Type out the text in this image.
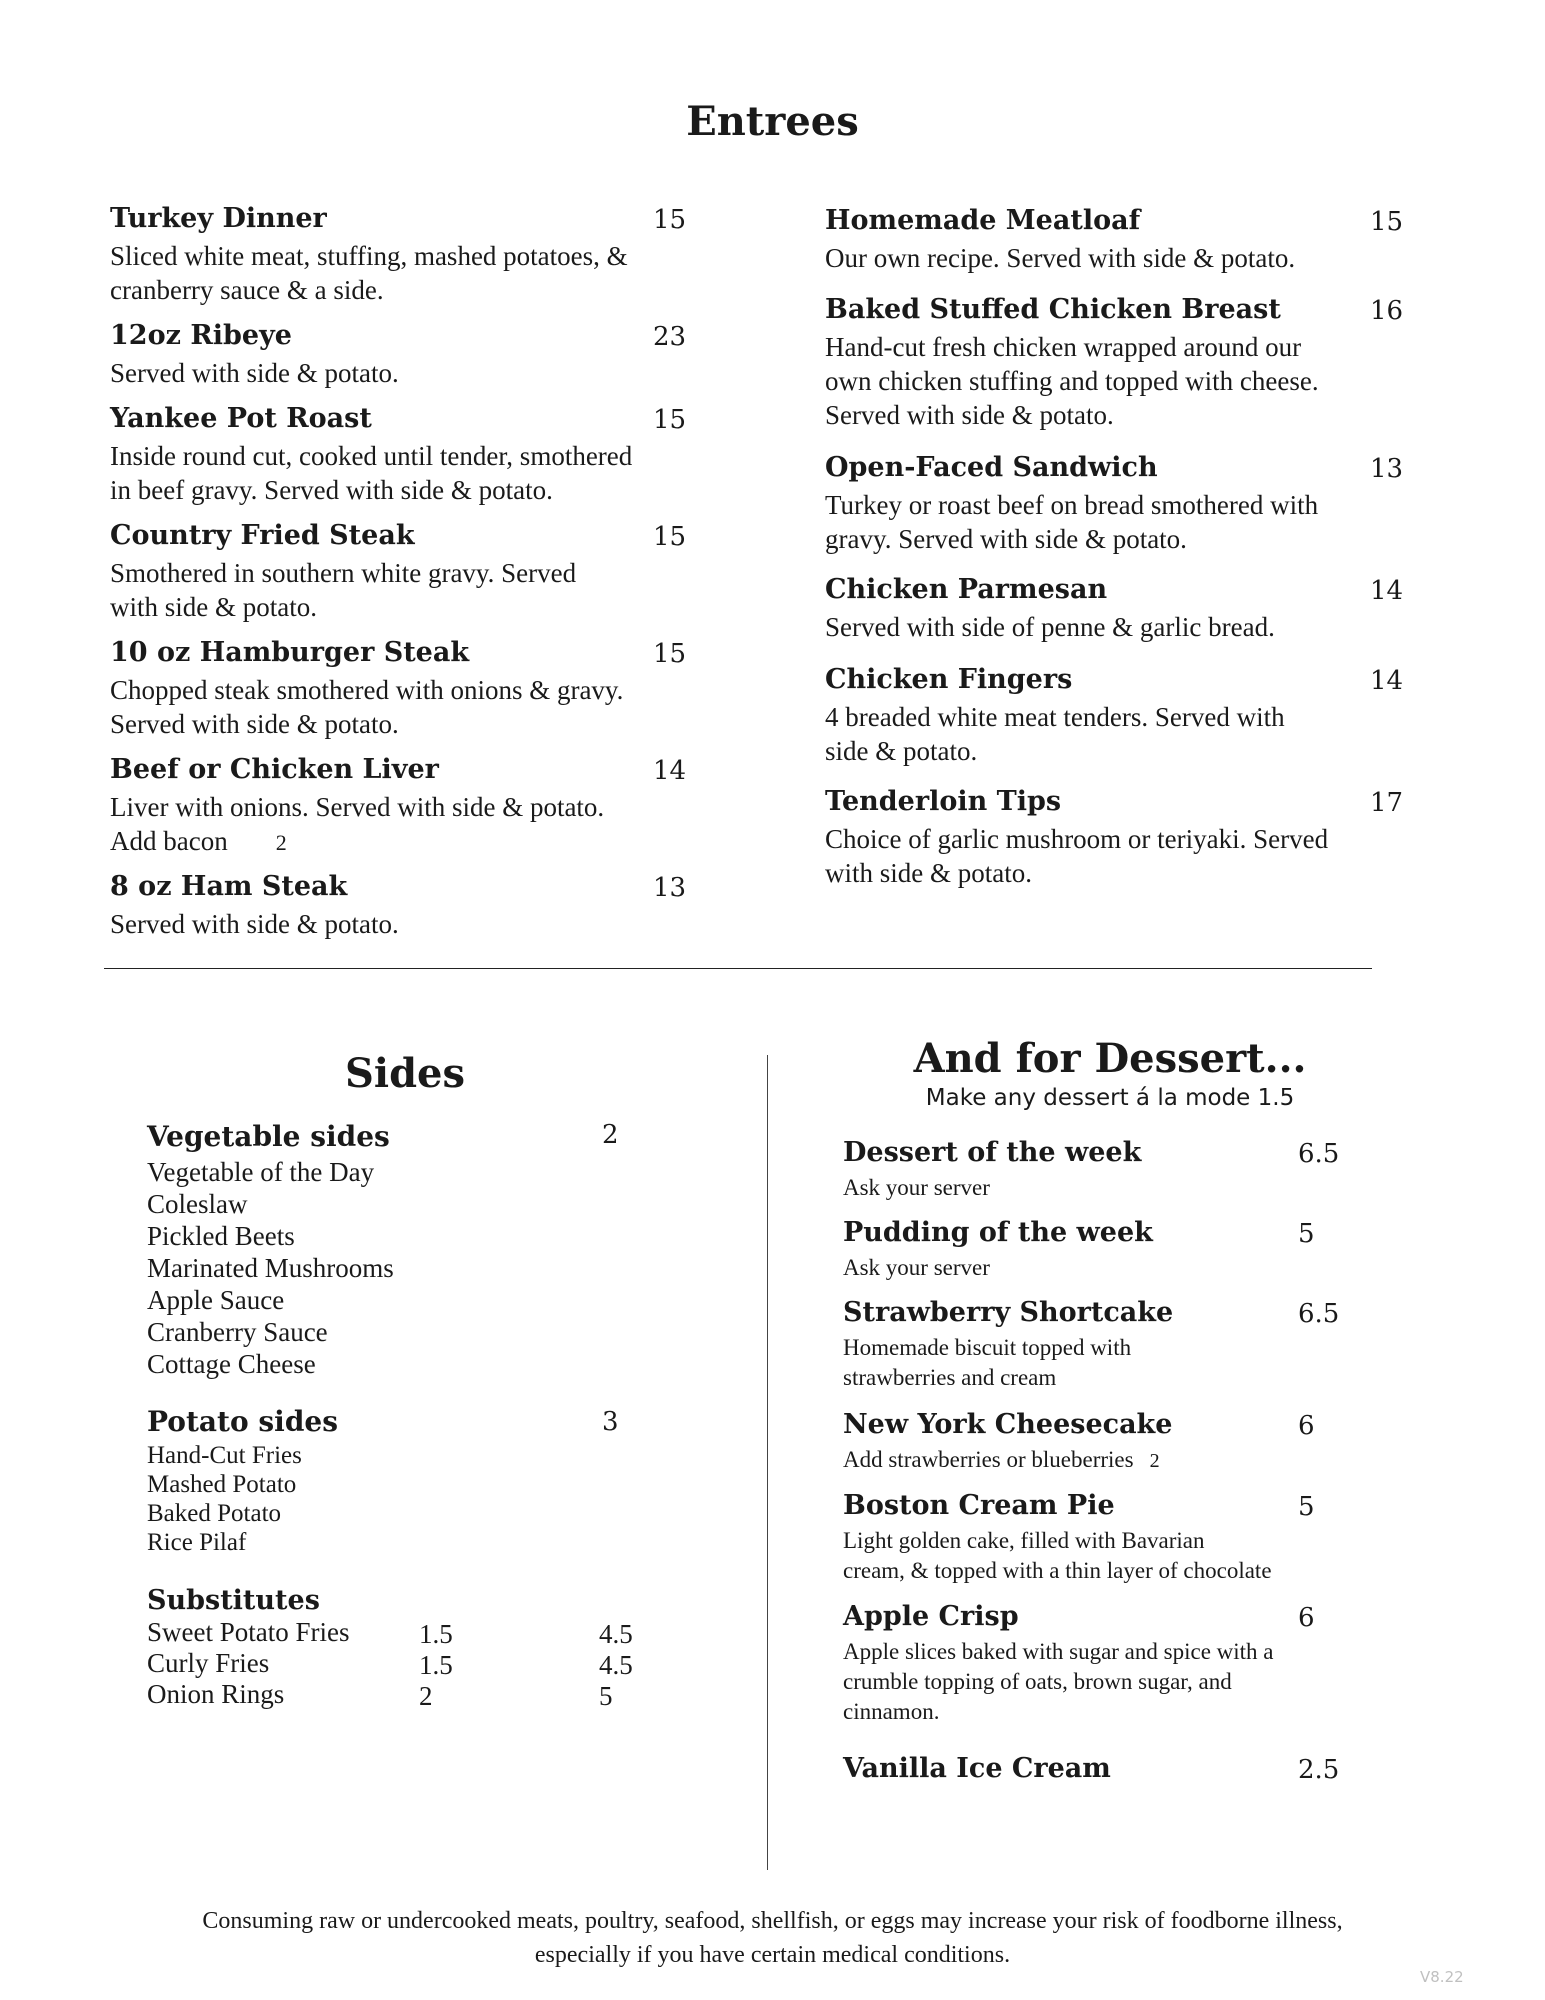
Entrees
Turkey Dinner	15
Sliced white meat, stuffing, mashed potatoes, &
cranberry sauce & a side.
12oz Ribeye	23
Served with side & potato.
Yankee Pot Roast	15
Inside round cut, cooked until tender, smothered
in beef gravy. Served with side & potato.
Country Fried Steak	15
Smothered in southern white gravy. Served
with side & potato.
10 oz Hamburger Steak	15
Chopped steak smothered with onions & gravy.
Served with side & potato.
Beef or Chicken Liver	14
Liver with onions. Served with side & potato.
Add bacon 2
8 oz Ham Steak	13
Served with side & potato.
Homemade Meatloaf	15
Our own recipe. Served with side & potato.
Baked Stuffed Chicken Breast	16
Hand-cut fresh chicken wrapped around our
own chicken stuffing and topped with cheese.
Served with side & potato.
Open-Faced Sandwich	13
Turkey or roast beef on bread smothered with
gravy. Served with side & potato.
Chicken Parmesan	14
Served with side of penne & garlic bread.
Chicken Fingers	14
4 breaded white meat tenders. Served with
side & potato.
Tenderloin Tips	17
Choice of garlic mushroom or teriyaki. Served
with side & potato.
Sides
Vegetable sides	2
Vegetable of the Day
Coleslaw
Pickled Beets
Marinated Mushrooms
Apple Sauce
Cranberry Sauce
Cottage Cheese
Potato sides	3
Hand-Cut Fries
Mashed Potato
Baked Potato
Rice Pilaf
Substitutes
Sweet Potato Fries	1.5	4.5
Curly Fries	1.5	4.5
Onion Rings	2	5
And for Dessert...
Make any dessert á la mode 1.5
Dessert of the week	6.5
Ask your server
Pudding of the week	5
Ask your server
Strawberry Shortcake	6.5
Homemade biscuit topped with
strawberries and cream
New York Cheesecake	6
Add strawberries or blueberries 2
Boston Cream Pie	5
Light golden cake, filled with Bavarian
cream, & topped with a thin layer of chocolate
Apple Crisp	6
Apple slices baked with sugar and spice with a
crumble topping of oats, brown sugar, and
cinnamon.
Vanilla Ice Cream	2.5
Consuming raw or undercooked meats, poultry, seafood, shellfish, or eggs may increase your risk of foodborne illness,
especially if you have certain medical conditions.
V8.22
